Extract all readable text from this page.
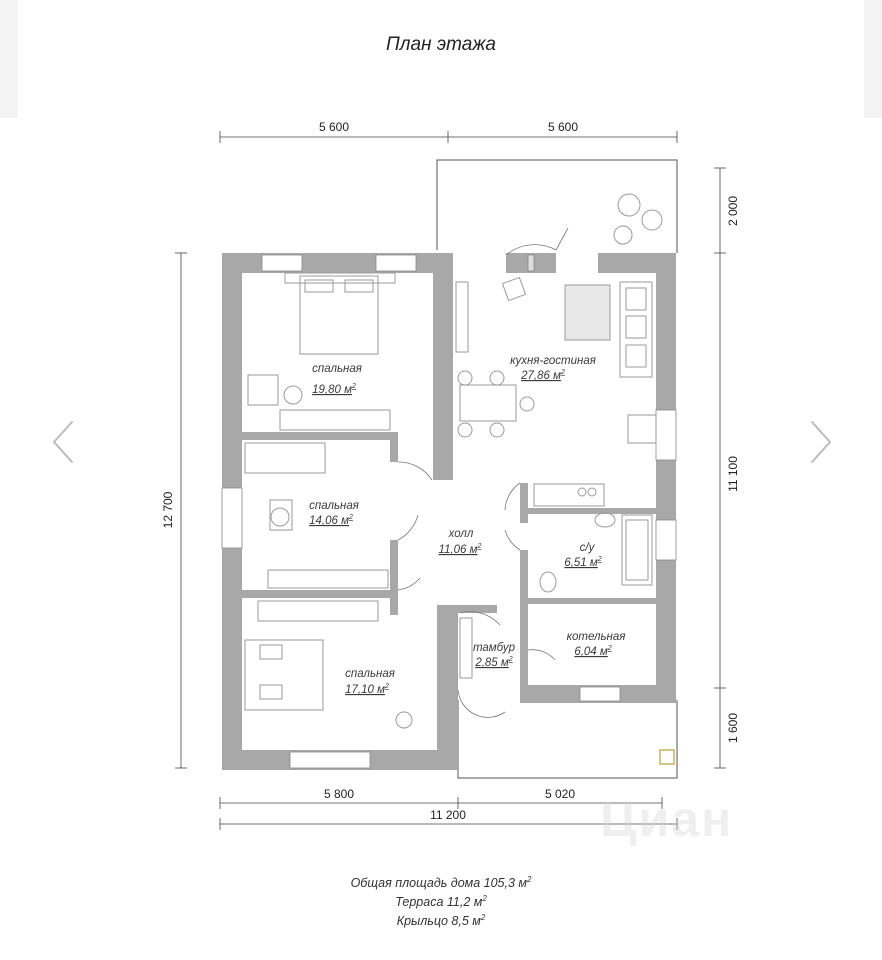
План этажа
5 600	5 600
2 000
11 100
1 600
12 700
5 800	5 020
11 200
спальная
19,80 $м^2$
спальная
14,06 $м^2$
спальная
17,10 $м^2$
кухня-гостиная
27,86 $м^2$
холл
11,06 $м^2$	с/у
6,51 $м^2$
котельная
6,04 $м^2$
тамбур
2,85 $м^2$
Циан
Общая площадь дома 105,3 $м^2$
Терраса 11,2 $м^2$
Крыльцо 8,5 $м^2$
